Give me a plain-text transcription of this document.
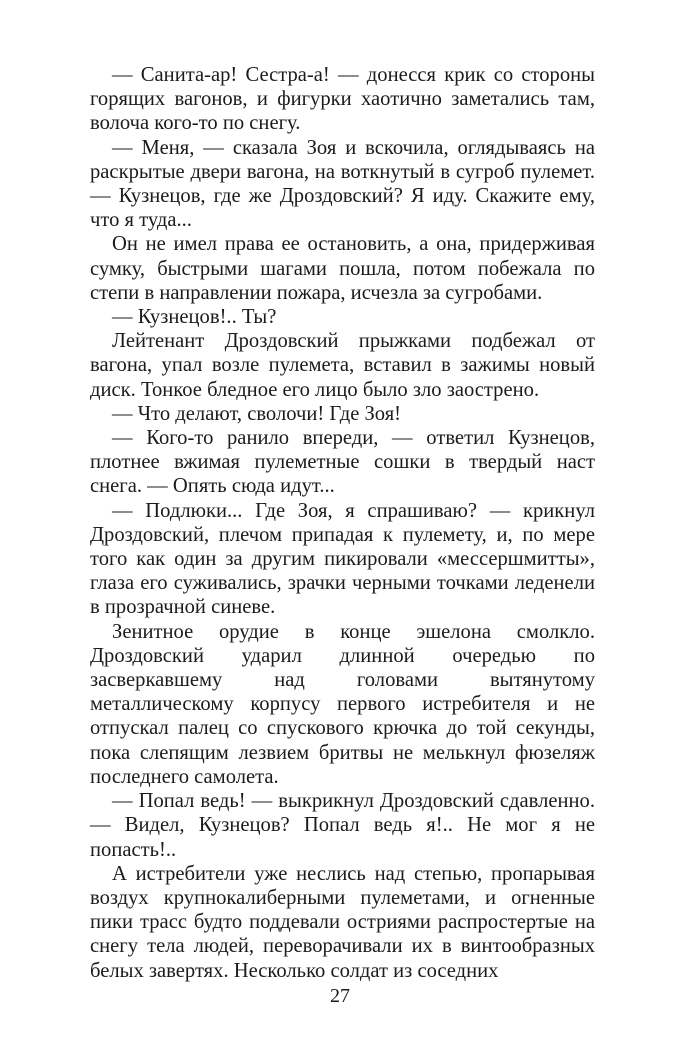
— Санита-ар! Сестра-а! — донесся крик со стороны горящих вагонов, и фигурки хаотично заметались там, волоча кого-то по снегу.

— Меня, — сказала Зоя и вскочила, оглядываясь на раскрытые двери вагона, на воткнутый в сугроб пулемет. — Кузнецов, где же Дроздовский? Я иду. Скажите ему, что я туда...

Он не имел права ее остановить, а она, придерживая сумку, быстрыми шагами пошла, потом побежала по степи в направлении пожара, исчезла за сугробами.

— Кузнецов!.. Ты?

Лейтенант Дроздовский прыжками подбежал от вагона, упал возле пулемета, вставил в зажимы новый диск. Тонкое бледное его лицо было зло заострено.

— Что делают, сволочи! Где Зоя!

— Кого-то ранило впереди, — ответил Кузнецов, плотнее вжимая пулеметные сошки в твердый наст снега. — Опять сюда идут...

— Подлюки... Где Зоя, я спрашиваю? — крикнул Дроздовский, плечом припадая к пулемету, и, по мере того как один за другим пикировали «мессершмитты», глаза его суживались, зрачки черными точками леденели в прозрачной синеве.

Зенитное орудие в конце эшелона смолкло. Дроздовский ударил длинной очередью по засверкавшему над головами вытянутому металлическому корпусу первого истребителя и не отпускал палец со спускового крючка до той секунды, пока слепящим лезвием бритвы не мелькнул фюзеляж последнего самолета.

— Попал ведь! — выкрикнул Дроздовский сдавленно. — Видел, Кузнецов? Попал ведь я!.. Не мог я не попасть!..

А истребители уже неслись над степью, пропарывая воздух крупнокалиберными пулеметами, и огненные пики трасс будто поддевали остриями распростертые на снегу тела людей, переворачивали их в винтообразных белых завертях. Несколько солдат из соседних

27
